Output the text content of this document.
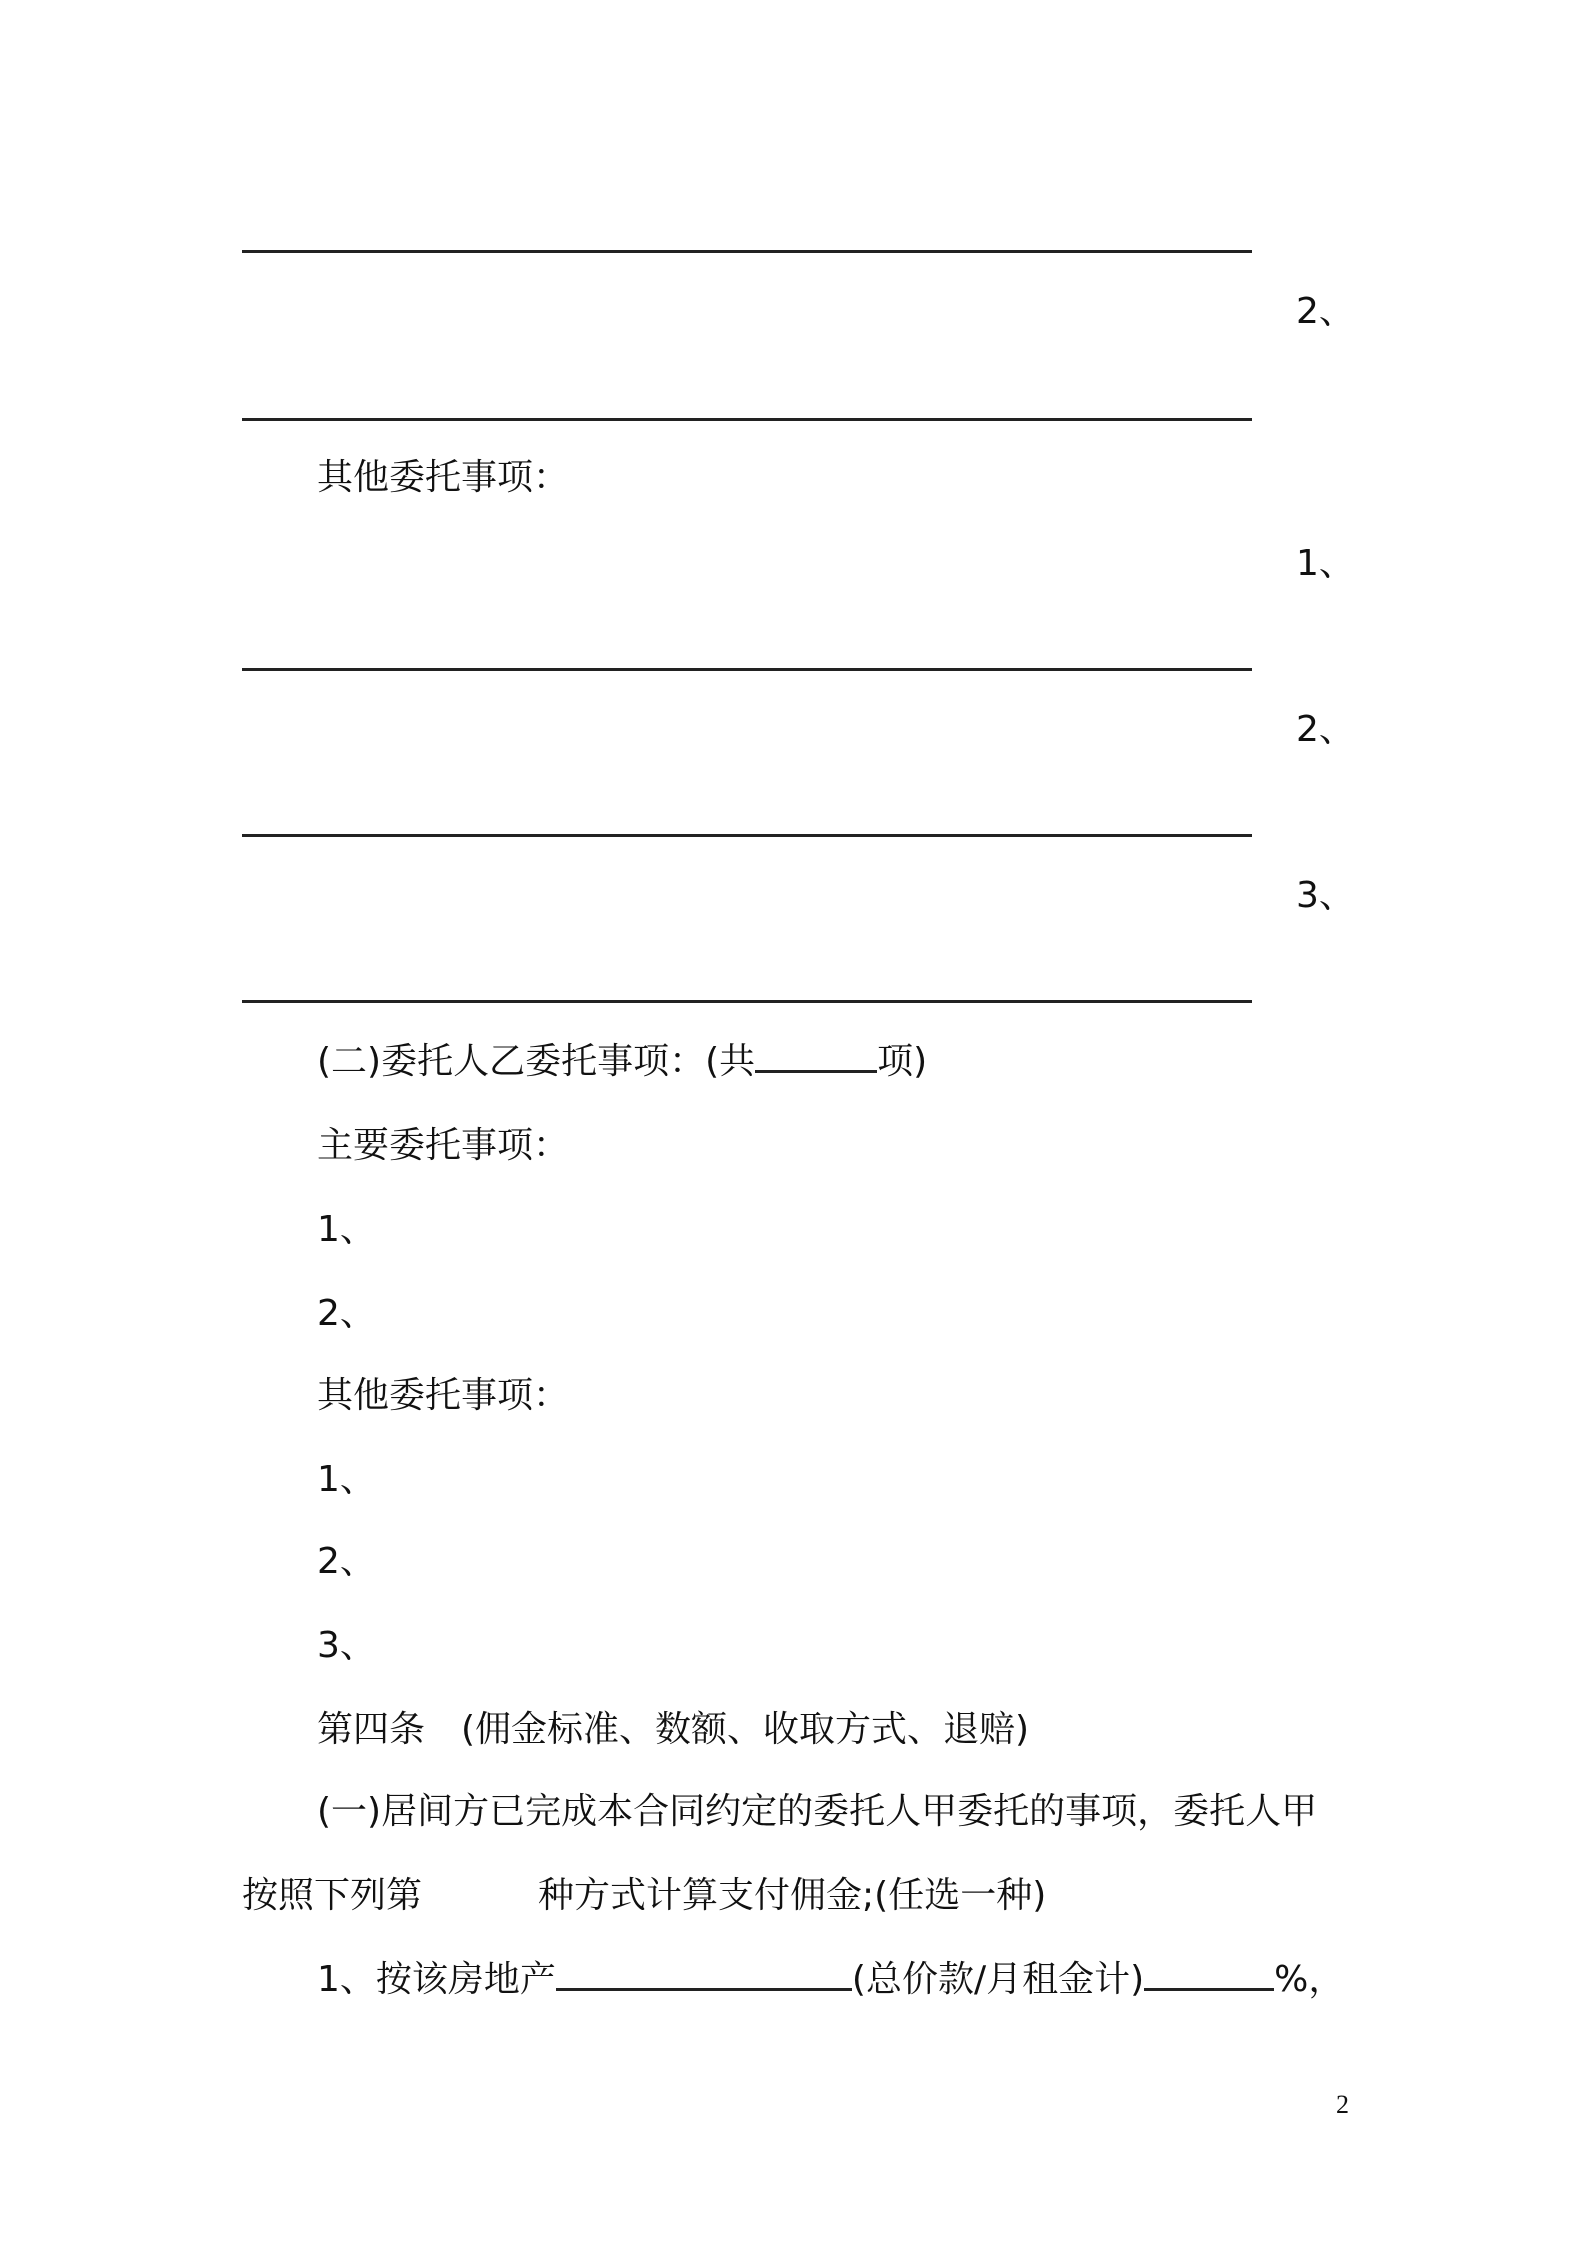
2、
其他委托事项：
1、
2、
3、
(二)委托人乙委托事项：(共	项)
主要委托事项：
1、
2、
其他委托事项：
1、
2、
3、
第四条　(佣金标准、数额、收取方式、退赔)
(一)居间方已完成本合同约定的委托人甲委托的事项，委托人甲
按照下列第	种方式计算支付佣金;(任选一种)
1、按该房地产	(总价款/月租金计)	%，
2
